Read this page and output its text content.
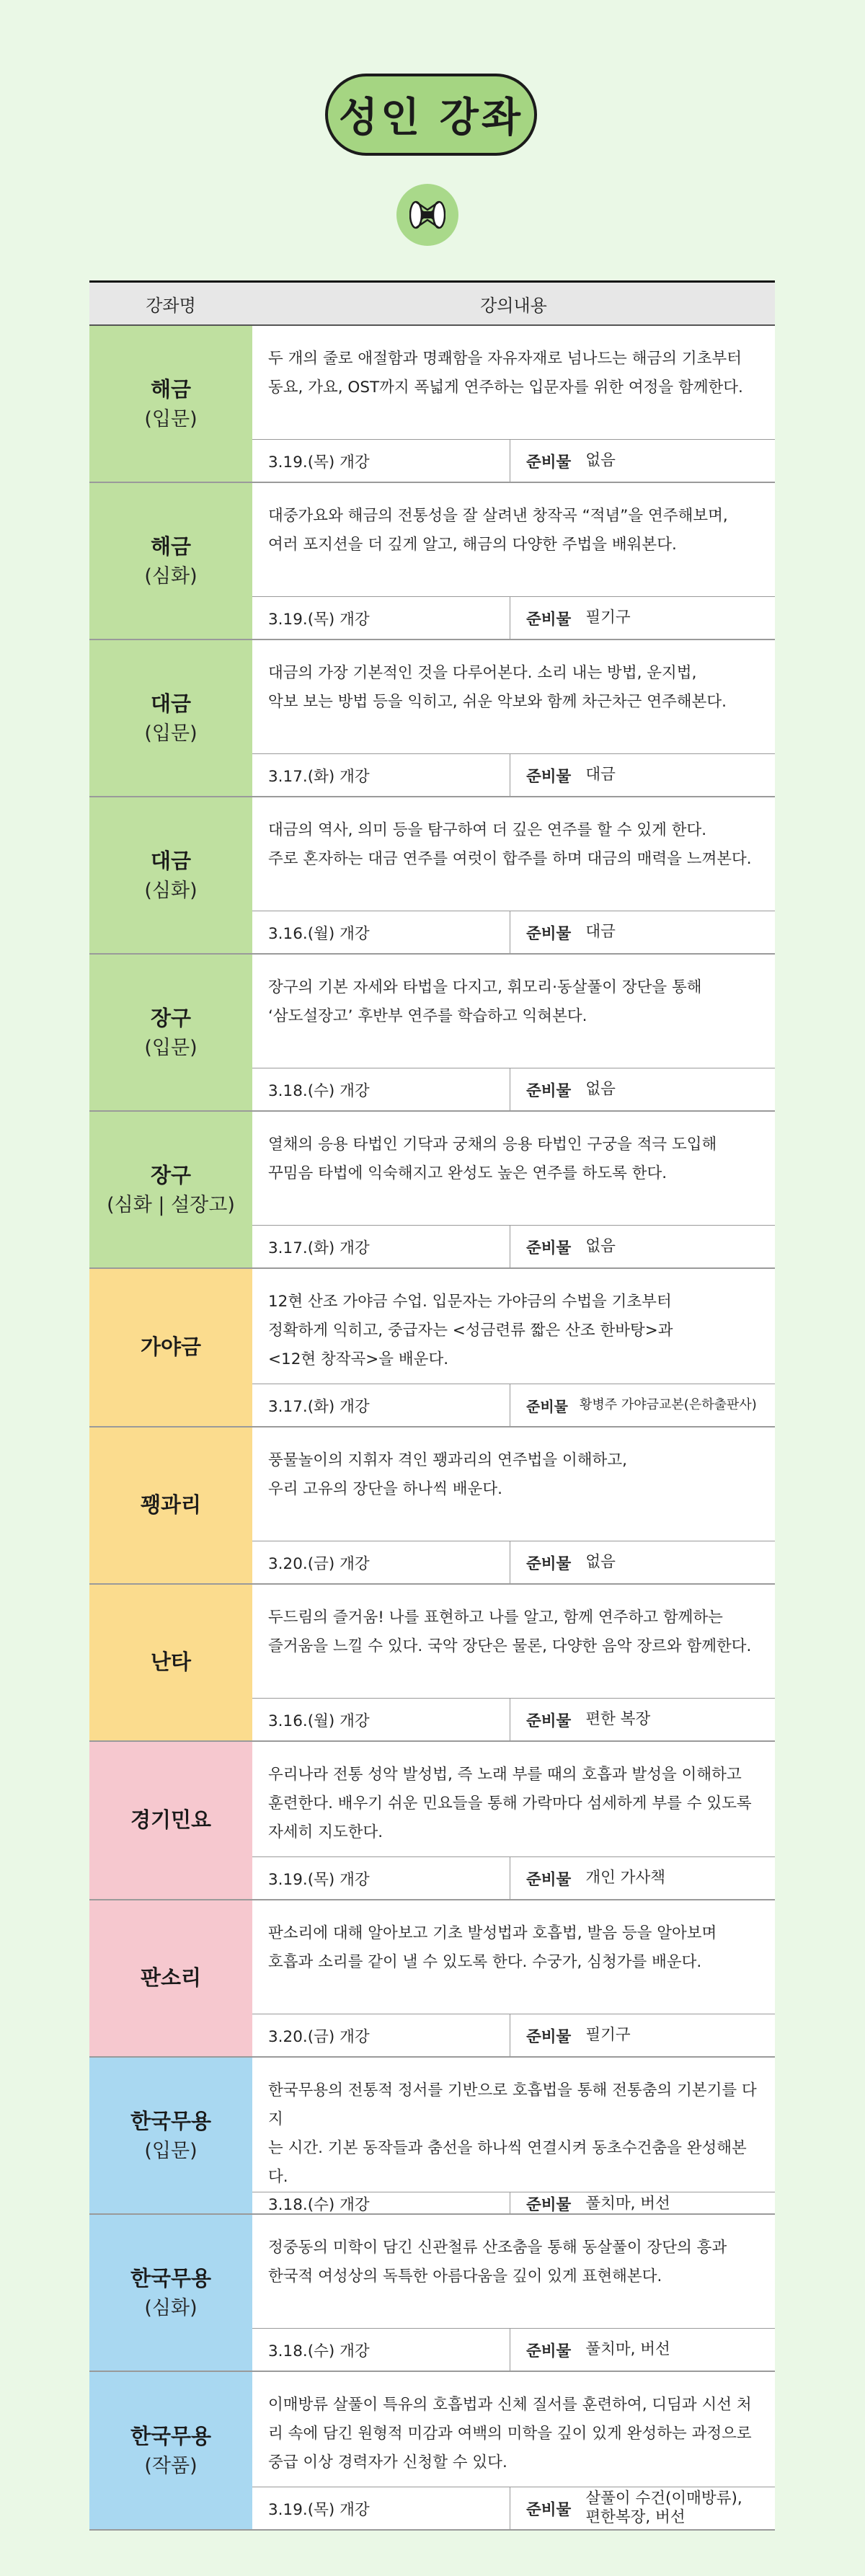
성인 강좌
강좌명	강의내용
해금
(입문)
두 개의 줄로 애절함과 명쾌함을 자유자재로 넘나드는 해금의 기초부터
동요, 가요, OST까지 폭넓게 연주하는 입문자를 위한 여정을 함께한다.
3.19.(목) 개강	준비물 없음
해금
(심화)
대중가요와 해금의 전통성을 잘 살려낸 창작곡 “적념”을 연주해보며,
여러 포지션을 더 깊게 알고, 해금의 다양한 주법을 배워본다.
3.19.(목) 개강	준비물 필기구
대금
(입문)
대금의 가장 기본적인 것을 다루어본다. 소리 내는 방법, 운지법,
악보 보는 방법 등을 익히고, 쉬운 악보와 함께 차근차근 연주해본다.
3.17.(화) 개강	준비물 대금
대금
(심화)
대금의 역사, 의미 등을 탐구하여 더 깊은 연주를 할 수 있게 한다.
주로 혼자하는 대금 연주를 여럿이 합주를 하며 대금의 매력을 느껴본다.
3.16.(월) 개강	준비물 대금
장구
(입문)
장구의 기본 자세와 타법을 다지고, 휘모리·동살풀이 장단을 통해
‘삼도설장고’ 후반부 연주를 학습하고 익혀본다.
3.18.(수) 개강	준비물 없음
장구
(심화 | 설장고)
열채의 응용 타법인 기닥과 궁채의 응용 타법인 구궁을 적극 도입해
꾸밈음 타법에 익숙해지고 완성도 높은 연주를 하도록 한다.
3.17.(화) 개강	준비물 없음
가야금
12현 산조 가야금 수업. 입문자는 가야금의 수법을 기초부터
정확하게 익히고, 중급자는 <성금련류 짧은 산조 한바탕>과
<12현 창작곡>을 배운다.
3.17.(화) 개강	준비물 황병주 가야금교본(은하출판사)
꽹과리
풍물놀이의 지휘자 격인 꽹과리의 연주법을 이해하고,
우리 고유의 장단을 하나씩 배운다.
3.20.(금) 개강	준비물 없음
난타
두드림의 즐거움! 나를 표현하고 나를 알고, 함께 연주하고 함께하는
즐거움을 느낄 수 있다. 국악 장단은 물론, 다양한 음악 장르와 함께한다.
3.16.(월) 개강	준비물 편한 복장
경기민요
우리나라 전통 성악 발성법, 즉 노래 부를 때의 호흡과 발성을 이해하고
훈련한다. 배우기 쉬운 민요들을 통해 가락마다 섬세하게 부를 수 있도록
자세히 지도한다.
3.19.(목) 개강	준비물 개인 가사책
판소리
판소리에 대해 알아보고 기초 발성법과 호흡법, 발음 등을 알아보며
호흡과 소리를 같이 낼 수 있도록 한다. 수궁가, 심청가를 배운다.
3.20.(금) 개강	준비물 필기구
한국무용
(입문)
한국무용의 전통적 정서를 기반으로 호흡법을 통해 전통춤의 기본기를 다지
는 시간. 기본 동작들과 춤선을 하나씩 연결시켜 동초수건춤을 완성해본다.
3.18.(수) 개강	준비물 풀치마, 버선
한국무용
(심화)
정중동의 미학이 담긴 신관철류 산조춤을 통해 동살풀이 장단의 흥과
한국적 여성상의 독특한 아름다움을 깊이 있게 표현해본다.
3.18.(수) 개강	준비물 풀치마, 버선
한국무용
(작품)
이매방류 살풀이 특유의 호흡법과 신체 질서를 훈련하여, 디딤과 시선 처
리 속에 담긴 원형적 미감과 여백의 미학을 깊이 있게 완성하는 과정으로
중급 이상 경력자가 신청할 수 있다.
3.19.(목) 개강	준비물
살풀이 수건(이매방류),
편한복장, 버선
